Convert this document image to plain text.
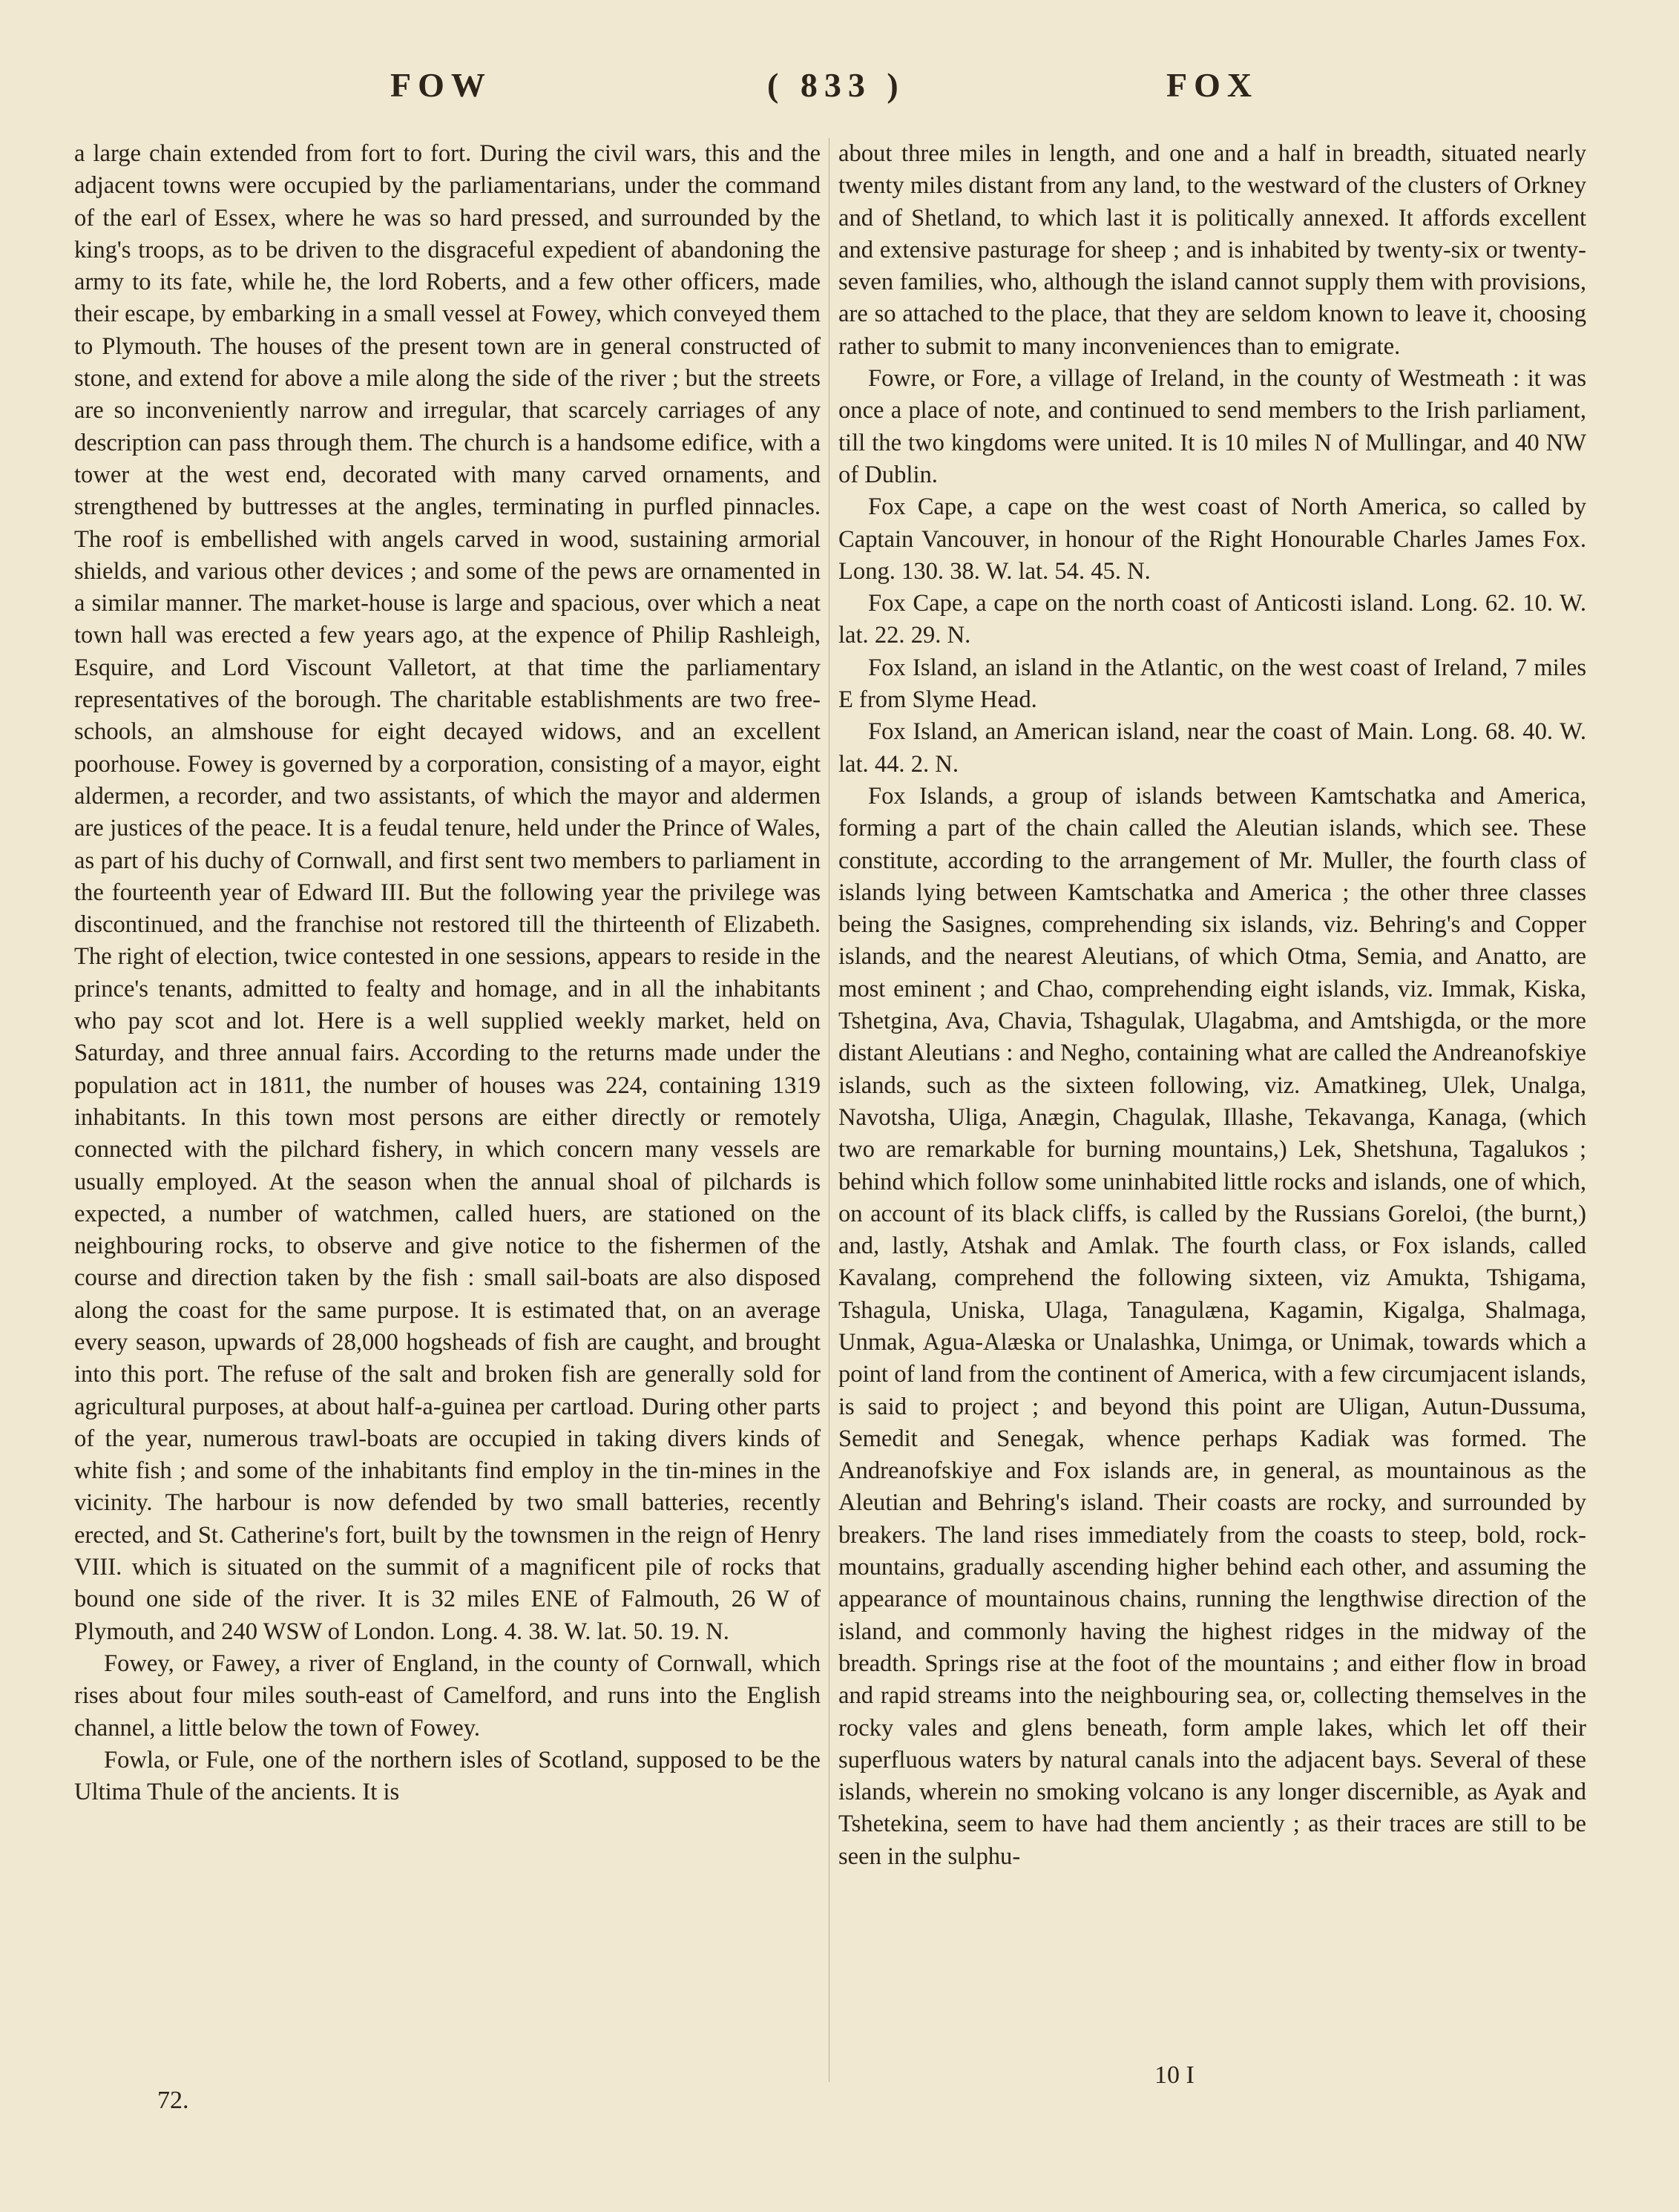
FOW	( 833 )	FOX

a large chain extended from fort to fort. During the civil wars, this and the adjacent towns were occupied by the parliamentarians, under the command of the earl of Essex, where he was so hard pressed, and surrounded by the king's troops, as to be driven to the disgraceful expedient of abandoning the army to its fate, while he, the lord Roberts, and a few other officers, made their escape, by embarking in a small vessel at Fowey, which conveyed them to Plymouth. The houses of the present town are in general constructed of stone, and extend for above a mile along the side of the river ; but the streets are so inconveniently narrow and irregular, that scarcely carriages of any description can pass through them. The church is a handsome edifice, with a tower at the west end, decorated with many carved ornaments, and strengthened by buttresses at the angles, terminating in purfled pinnacles. The roof is embellished with angels carved in wood, sustaining armorial shields, and various other devices ; and some of the pews are ornamented in a similar manner. The market-house is large and spacious, over which a neat town hall was erected a few years ago, at the expence of Philip Rashleigh, Esquire, and Lord Viscount Valletort, at that time the parliamentary representatives of the borough. The charitable establishments are two free-schools, an almshouse for eight decayed widows, and an excellent poorhouse. Fowey is governed by a corporation, consisting of a mayor, eight aldermen, a recorder, and two assistants, of which the mayor and aldermen are justices of the peace. It is a feudal tenure, held under the Prince of Wales, as part of his duchy of Cornwall, and first sent two members to parliament in the fourteenth year of Edward III. But the following year the privilege was discontinued, and the franchise not restored till the thirteenth of Elizabeth. The right of election, twice contested in one sessions, appears to reside in the prince's tenants, admitted to fealty and homage, and in all the inhabitants who pay scot and lot. Here is a well supplied weekly market, held on Saturday, and three annual fairs. According to the returns made under the population act in 1811, the number of houses was 224, containing 1319 inhabitants. In this town most persons are either directly or remotely connected with the pilchard fishery, in which concern many vessels are usually employed. At the season when the annual shoal of pilchards is expected, a number of watchmen, called huers, are stationed on the neighbouring rocks, to observe and give notice to the fishermen of the course and direction taken by the fish : small sail-boats are also disposed along the coast for the same purpose. It is estimated that, on an average every season, upwards of 28,000 hogsheads of fish are caught, and brought into this port. The refuse of the salt and broken fish are generally sold for agricultural purposes, at about half-a-guinea per cartload. During other parts of the year, numerous trawl-boats are occupied in taking divers kinds of white fish ; and some of the inhabitants find employ in the tin-mines in the vicinity. The harbour is now defended by two small batteries, recently erected, and St. Catherine's fort, built by the townsmen in the reign of Henry VIII. which is situated on the summit of a magnificent pile of rocks that bound one side of the river. It is 32 miles ENE of Falmouth, 26 W of Plymouth, and 240 WSW of London. Long. 4. 38. W. lat. 50. 19. N.

Fowey, or Fawey, a river of England, in the county of Cornwall, which rises about four miles south-east of Camelford, and runs into the English channel, a little below the town of Fowey.

Fowla, or Fule, one of the northern isles of Scotland, supposed to be the Ultima Thule of the ancients. It is

about three miles in length, and one and a half in breadth, situated nearly twenty miles distant from any land, to the westward of the clusters of Orkney and of Shetland, to which last it is politically annexed. It affords excellent and extensive pasturage for sheep ; and is inhabited by twenty-six or twenty-seven families, who, although the island cannot supply them with provisions, are so attached to the place, that they are seldom known to leave it, choosing rather to submit to many inconveniences than to emigrate.

Fowre, or Fore, a village of Ireland, in the county of Westmeath : it was once a place of note, and continued to send members to the Irish parliament, till the two kingdoms were united. It is 10 miles N of Mullingar, and 40 NW of Dublin.

Fox Cape, a cape on the west coast of North America, so called by Captain Vancouver, in honour of the Right Honourable Charles James Fox. Long. 130. 38. W. lat. 54. 45. N.

Fox Cape, a cape on the north coast of Anticosti island. Long. 62. 10. W. lat. 22. 29. N.

Fox Island, an island in the Atlantic, on the west coast of Ireland, 7 miles E from Slyme Head.

Fox Island, an American island, near the coast of Main. Long. 68. 40. W. lat. 44. 2. N.

Fox Islands, a group of islands between Kamtschatka and America, forming a part of the chain called the Aleutian islands, which see. These constitute, according to the arrangement of Mr. Muller, the fourth class of islands lying between Kamtschatka and America ; the other three classes being the Sasignes, comprehending six islands, viz. Behring's and Copper islands, and the nearest Aleutians, of which Otma, Semia, and Anatto, are most eminent ; and Chao, comprehending eight islands, viz. Immak, Kiska, Tshetgina, Ava, Chavia, Tshagulak, Ulagabma, and Amtshigda, or the more distant Aleutians : and Negho, containing what are called the Andreanofskiye islands, such as the sixteen following, viz. Amatkineg, Ulek, Unalga, Navotsha, Uliga, Anægin, Chagulak, Illashe, Tekavanga, Kanaga, (which two are remarkable for burning mountains,) Lek, Shetshuna, Tagalukos ; behind which follow some uninhabited little rocks and islands, one of which, on account of its black cliffs, is called by the Russians Goreloi, (the burnt,) and, lastly, Atshak and Amlak. The fourth class, or Fox islands, called Kavalang, comprehend the following sixteen, viz Amukta, Tshigama, Tshagula, Uniska, Ulaga, Tanagulæna, Kagamin, Kigalga, Shalmaga, Unmak, Agua-Alæska or Unalashka, Unimga, or Unimak, towards which a point of land from the continent of America, with a few circumjacent islands, is said to project ; and beyond this point are Uligan, Autun-Dussuma, Semedit and Senegak, whence perhaps Kadiak was formed. The Andreanofskiye and Fox islands are, in general, as mountainous as the Aleutian and Behring's island. Their coasts are rocky, and surrounded by breakers. The land rises immediately from the coasts to steep, bold, rock-mountains, gradually ascending higher behind each other, and assuming the appearance of mountainous chains, running the lengthwise direction of the island, and commonly having the highest ridges in the midway of the breadth. Springs rise at the foot of the mountains ; and either flow in broad and rapid streams into the neighbouring sea, or, collecting themselves in the rocky vales and glens beneath, form ample lakes, which let off their superfluous waters by natural canals into the adjacent bays. Several of these islands, wherein no smoking volcano is any longer discernible, as Ayak and Tshetekina, seem to have had them anciently ; as their traces are still to be seen in the sulphu-

72.
10 I
